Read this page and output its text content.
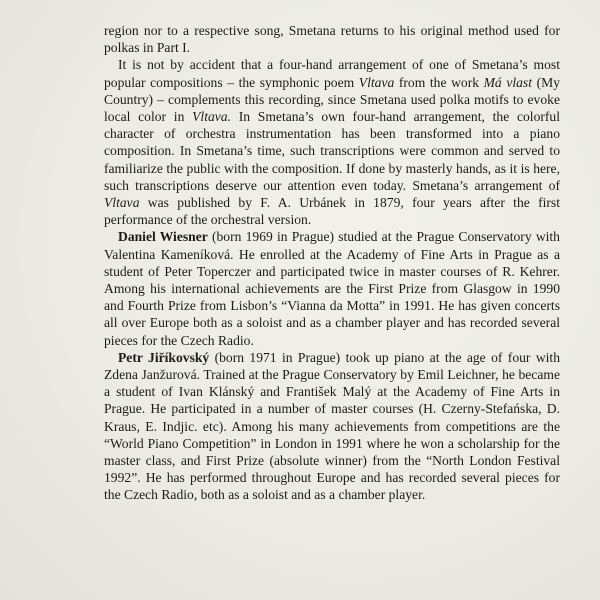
region nor to a respective song, Smetana returns to his original method used for polkas in Part I.

It is not by accident that a four-hand arrangement of one of Smetana’s most popular compositions – the symphonic poem Vltava from the work Má vlast (My Country) – complements this recording, since Smetana used polka motifs to evoke local color in Vltava. In Smetana’s own four-hand arrangement, the colorful character of orchestra instrumentation has been transformed into a piano composition. In Smetana’s time, such transcriptions were common and served to familiarize the public with the composition. If done by masterly hands, as it is here, such transcriptions deserve our attention even today. Smetana’s arrangement of Vltava was published by F. A. Urbánek in 1879, four years after the first performance of the orchestral version.

Daniel Wiesner (born 1969 in Prague) studied at the Prague Conservatory with Valentina Kameníková. He enrolled at the Academy of Fine Arts in Prague as a student of Peter Toperczer and participated twice in master courses of R. Kehrer. Among his international achievements are the First Prize from Glasgow in 1990 and Fourth Prize from Lisbon’s “Vianna da Motta” in 1991. He has given concerts all over Europe both as a soloist and as a chamber player and has recorded several pieces for the Czech Radio.

Petr Jiříkovský (born 1971 in Prague) took up piano at the age of four with Zdena Janžurová. Trained at the Prague Conservatory by Emil Leichner, he became a student of Ivan Klánský and František Malý at the Academy of Fine Arts in Prague. He participated in a number of master courses (H. Czerny-Stefańska, D. Kraus, E. Indjic. etc). Among his many achievements from competitions are the “World Piano Competition” in London in 1991 where he won a scholarship for the master class, and First Prize (absolute winner) from the “North London Festival 1992”. He has performed throughout Europe and has recorded several pieces for the Czech Radio, both as a soloist and as a chamber player.
